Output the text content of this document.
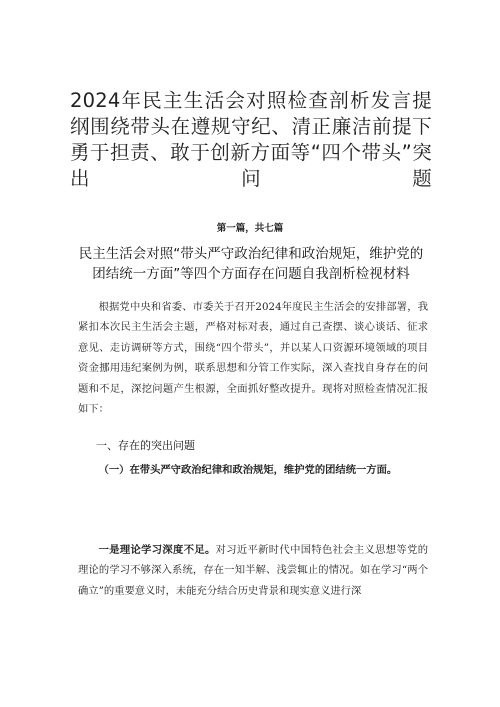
2024年民主生活会对照检查剖析发言提纲围绕带头在遵规守纪、清正廉洁前提下勇于担责、敢于创新方面等“四个带头”突出问题
第一篇，共七篇
民主生活会对照“带头严守政治纪律和政治规矩，维护党的团结统一方面”等四个方面存在问题自我剖析检视材料
根据党中央和省委、市委关于召开2024年度民主生活会的安排部署，我紧扣本次民主生活会主题，严格对标对表，通过自己查摆、谈心谈话、征求意见、走访调研等方式，围绕“四个带头”，并以某人口资源环境领域的项目资金挪用违纪案例为例，联系思想和分管工作实际，深入查找自身存在的问题和不足，深挖问题产生根源，全面抓好整改提升。现将对照检查情况汇报如下：
一、存在的突出问题
（一）在带头严守政治纪律和政治规矩，维护党的团结统一方面。
一是理论学习深度不足。对习近平新时代中国特色社会主义思想等党的理论的学习不够深入系统，存在一知半解、浅尝辄止的情况。如在学习“两个确立”的重要意义时，未能充分结合历史背景和现实意义进行深
